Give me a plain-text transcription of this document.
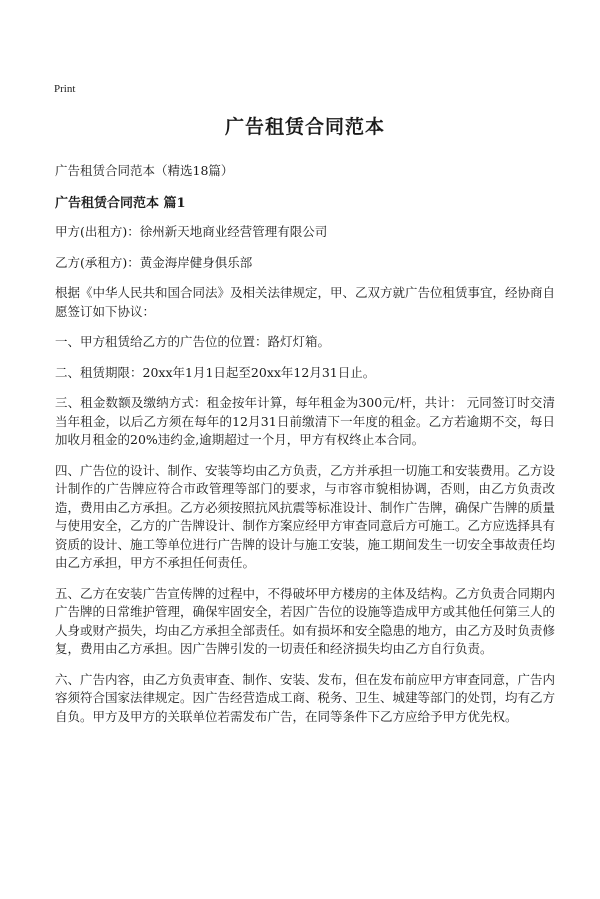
Print
广告租赁合同范本
广告租赁合同范本（精选18篇）
广告租赁合同范本 篇1

甲方(出租方)：徐州新天地商业经营管理有限公司

乙方(承租方)：黄金海岸健身俱乐部

根据《中华人民共和国合同法》及相关法律规定，甲、乙双方就广告位租赁事宜，经协商自愿签订如下协议：

一、甲方租赁给乙方的广告位的位置：路灯灯箱。

二、租赁期限：20xx年1月1日起至20xx年12月31日止。

三、租金数额及缴纳方式：租金按年计算，每年租金为300元/杆，共计： 元同签订时交清当年租金，以后乙方须在每年的12月31日前缴清下一年度的租金。乙方若逾期不交，每日加收月租金的20%违约金,逾期超过一个月，甲方有权终止本合同。

四、广告位的设计、制作、安装等均由乙方负责，乙方并承担一切施工和安装费用。乙方设计制作的广告牌应符合市政管理等部门的要求，与市容市貌相协调，否则，由乙方负责改造，费用由乙方承担。乙方必须按照抗风抗震等标准设计、制作广告牌，确保广告牌的质量与使用安全，乙方的广告牌设计、制作方案应经甲方审查同意后方可施工。乙方应选择具有资质的设计、施工等单位进行广告牌的设计与施工安装，施工期间发生一切安全事故责任均由乙方承担，甲方不承担任何责任。

五、乙方在安装广告宣传牌的过程中，不得破坏甲方楼房的主体及结构。乙方负责合同期内广告牌的日常维护管理，确保牢固安全，若因广告位的设施等造成甲方或其他任何第三人的人身或财产损失，均由乙方承担全部责任。如有损坏和安全隐患的地方，由乙方及时负责修复，费用由乙方承担。因广告牌引发的一切责任和经济损失均由乙方自行负责。

六、广告内容，由乙方负责审查、制作、安装、发布，但在发布前应甲方审查同意，广告内容须符合国家法律规定。因广告经营造成工商、税务、卫生、城建等部门的处罚，均有乙方自负。甲方及甲方的关联单位若需发布广告，在同等条件下乙方应给予甲方优先权。
